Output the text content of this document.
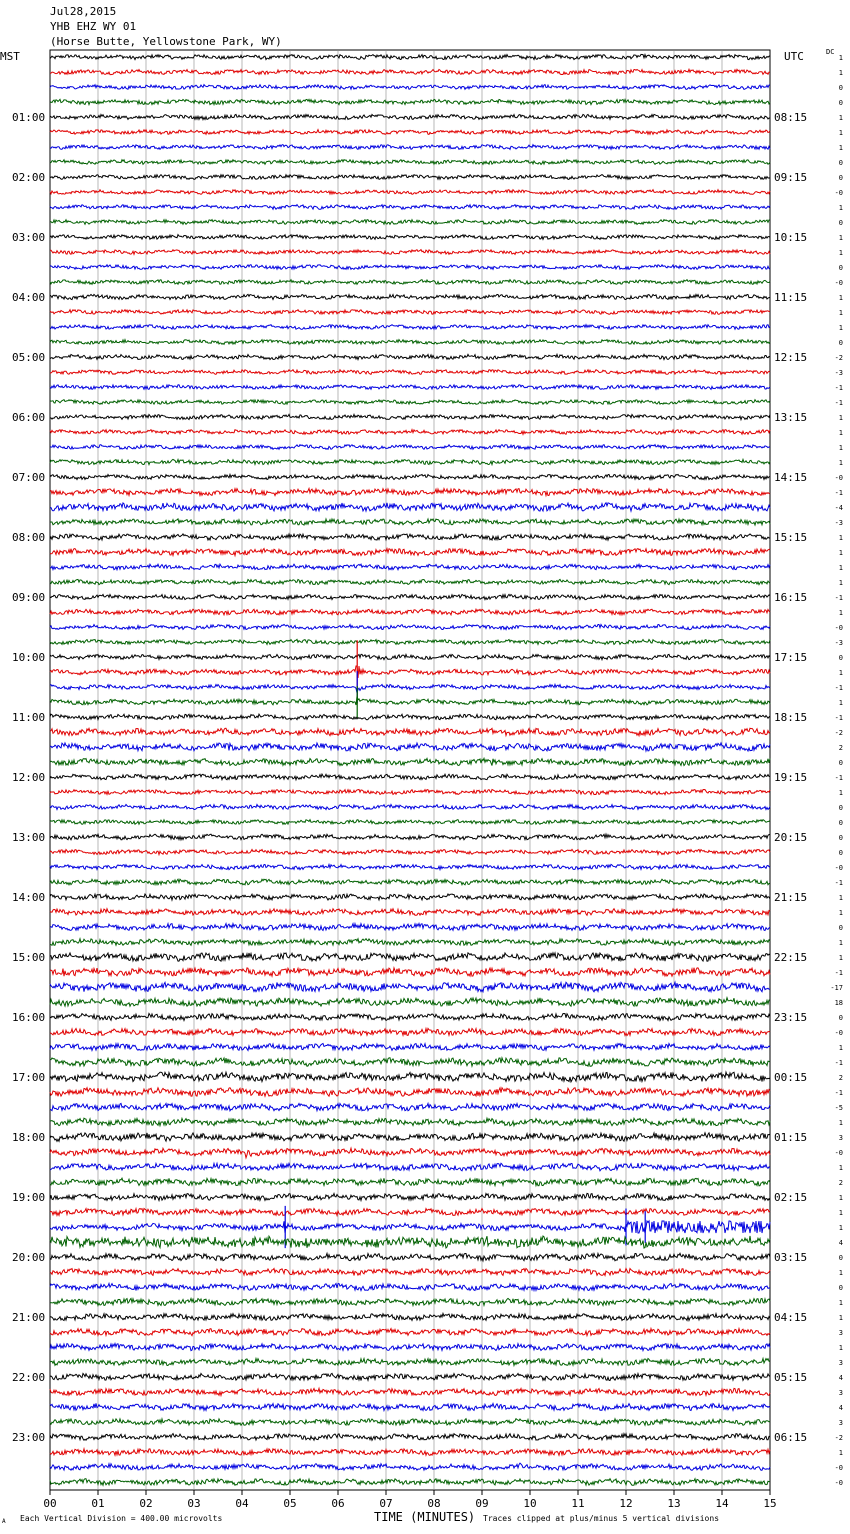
Jul28,2015
YHB EHZ WY 01
(Horse Butte, Yellowstone Park, WY)
MST	UTC	DC
01:00
02:00
03:00
04:00
05:00
06:00
07:00
08:00
09:00
10:00
11:00
12:00
13:00
14:00
15:00
16:00
17:00
18:00
19:00
20:00
21:00
22:00
23:00
08:15
09:15
10:15
11:15
12:15
13:15
14:15
15:15
16:15
17:15
18:15
19:15
20:15
21:15
22:15
23:15
00:15
01:15
02:15
03:15
04:15
05:15
06:15
1
1
0
0
1
1
1
0
0
-0
1
0
1
1
0
-0
1
1
1
0
-2
-3
-1
-1
1
1
1
1
-0
-1
-4
-3
1
1
1
1
-1
1
-0
-3
0
1
-1
1
-1
-2
2
0
-1
1
0
0
0
0
-0
-1
1
1
0
1
1
-1
-17
18
0
-0
1
-1
2
-1
-5
1
3
-0
1
2
1
1
1
4
0
1
0
1
1
3
1
3
4
3
4
3
-2
1
-0
-0
00	01	02	03	04	05	06	07	08	09	10	11	12	13	14	15
A Each Vertical Division = 400.00 microvolts	TIME (MINUTES) Traces clipped at plus/minus 5 vertical divisions
